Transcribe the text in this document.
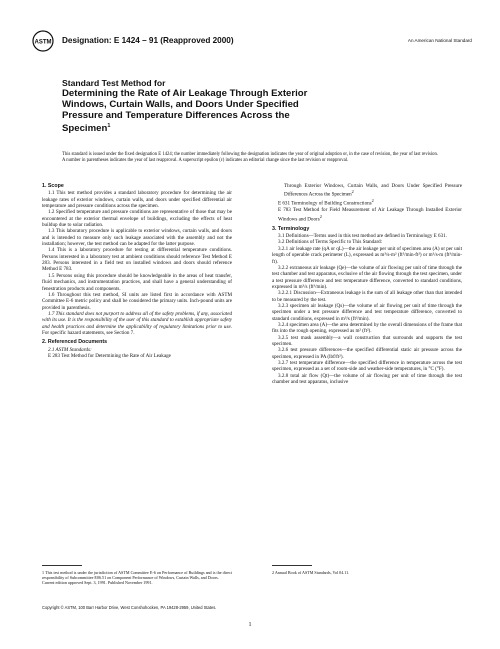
ASTM Designation: E 1424 – 91 (Reapproved 2000)	An American National Standard
Standard Test Method for
Determining the Rate of Air Leakage Through Exterior
Windows, Curtain Walls, and Doors Under Specified
Pressure and Temperature Differences Across the
Specimen$^1$
This standard is issued under the fixed designation E 1424; the number immediately following the designation indicates the year of original adoption or, in the case of revision, the year of last revision. A number in parentheses indicates the year of last reapproval. A superscript epsilon (ε) indicates an editorial change since the last revision or reapproval.
1. Scope

1.1 This test method provides a standard laboratory procedure for determining the air leakage rates of exterior windows, curtain walls, and doors under specified differential air temperature and pressure conditions across the specimen.

1.2 Specified temperature and pressure conditions are representative of those that may be encountered at the exterior thermal envelope of buildings, excluding the effects of heat buildup due to solar radiation.

1.3 This laboratory procedure is applicable to exterior windows, curtain walls, and doors and is intended to measure only such leakage associated with the assembly and not the installation; however, the test method can be adapted for the latter purpose.

1.4 This is a laboratory procedure for testing at differential temperature conditions. Persons interested in a laboratory test at ambient conditions should reference Test Method E 283. Persons interested in a field test on installed windows and doors should reference Method E 783.

1.5 Persons using this procedure should be knowledgeable in the areas of heat transfer, fluid mechanics, and instrumentation practices, and shall have a general understanding of fenestration products and components.

1.6 Throughout this test method, SI units are listed first in accordance with ASTM Committee E-6 metric policy and shall be considered the primary units. Inch-pound units are provided in parenthesis.

1.7 This standard does not purport to address all of the safety problems, if any, associated with its use. It is the responsibility of the user of this standard to establish appropriate safety and health practices and determine the applicability of regulatory limitations prior to use. For specific hazard statements, see Section 7.

2. Referenced Documents

2.1 ASTM Standards:

E 283 Test Method for Determining the Rate of Air Leakage

Through Exterior Windows, Curtain Walls, and Doors Under Specified Pressure Differences Across the Specimen$^2$

E 631 Terminology of Building Constructions$^2$

E 783 Test Method for Field Measurement of Air Leakage Through Installed Exterior Windows and Doors$^2$

3. Terminology

3.1 Definitions—Terms used in this test method are defined in Terminology E 631.

3.2 Definitions of Terms Specific to This Standard:

3.2.1 air leakage rate (qA or qL)—the air leakage per unit of specimen area (A) or per unit length of operable crack perimeter (L), expressed as m³/s-m² (ft³/min-ft²) or m³/s-m (ft³/min-ft).

3.2.2 extraneous air leakage (Qe)—the volume of air flowing per unit of time through the test chamber and test apparatus, exclusive of the air flowing through the test specimen, under a test pressure difference and test temperature difference, converted to standard conditions, expressed in m³/s (ft³/min).

3.2.2.1 Discussion—Extraneous leakage is the sum of all leakage other than that intended to be measured by the test.

3.2.3 specimen air leakage (Qs)—the volume of air flowing per unit of time through the specimen under a test pressure difference and test temperature difference, converted to standard conditions, expressed in m³/s (ft³/min).

3.2.4 specimen area (A)—the area determined by the overall dimensions of the frame that fits into the rough opening, expressed as m² (ft²).

3.2.5 test mask assembly—a wall construction that surrounds and supports the test specimen.

3.2.6 test pressure differences—the specified differential static air pressure across the specimen, expressed in PA (lbf/ft²).

3.2.7 test temperature difference—the specified difference in temperature across the test specimen, expressed as a set of room-side and weather-side temperatures, in °C (°F).

3.2.8 total air flow (Qt)—the volume of air flowing per unit of time through the test chamber and test apparatus, inclusive

1 This test method is under the jurisdiction of ASTM Committee E-6 on Performance of Buildings and is the direct responsibility of Subcommittee E06.51 on Component Performance of Windows, Curtain Walls, and Doors.

Current edition approved Sept. 3, 1991. Published November 1991.

2 Annual Book of ASTM Standards, Vol 04.11.
Copyright © ASTM, 100 Barr Harbor Drive, West Conshohocken, PA 19428-2959, United States.
1
